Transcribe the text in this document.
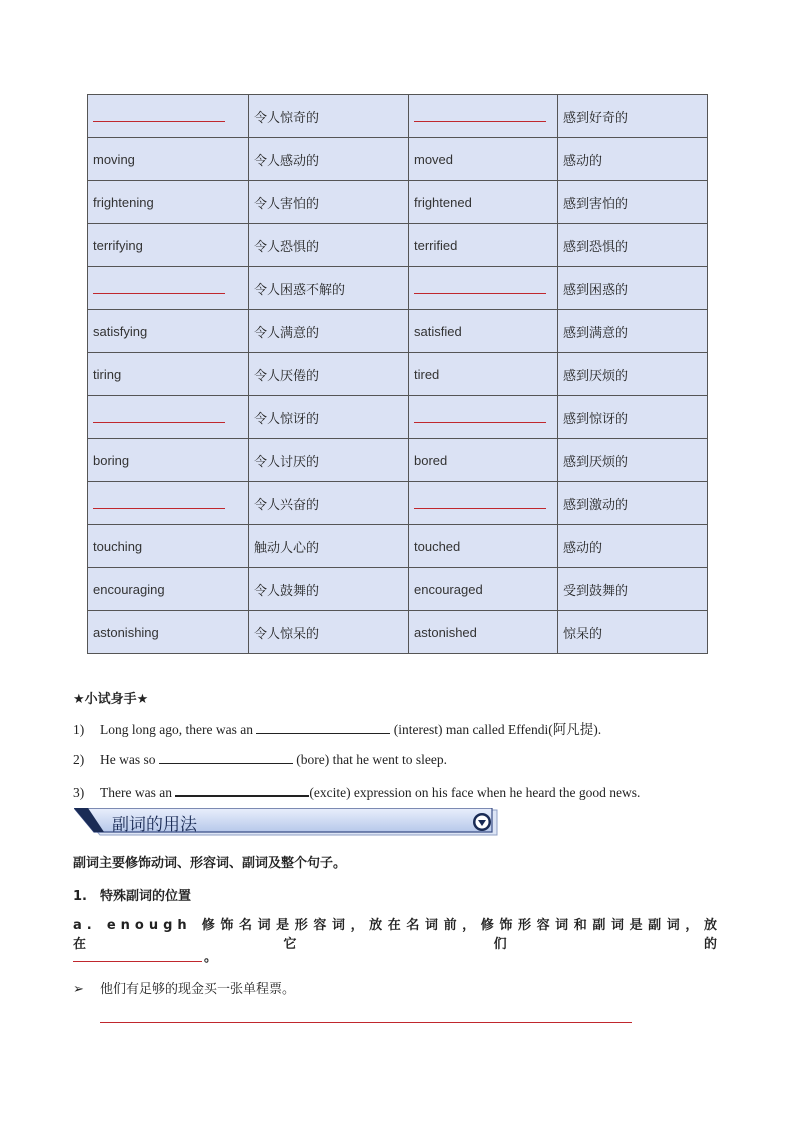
	令人惊奇的		感到好奇的
moving	令人感动的	moved	感动的
frightening	令人害怕的	frightened	感到害怕的
terrifying	令人恐惧的	terrified	感到恐惧的
	令人困惑不解的		感到困惑的
satisfying	令人满意的	satisfied	感到满意的
tiring	令人厌倦的	tired	感到厌烦的
	令人惊讶的		感到惊讶的
boring	令人讨厌的	bored	感到厌烦的
	令人兴奋的		感到激动的
touching	触动人心的	touched	感动的
encouraging	令人鼓舞的	encouraged	受到鼓舞的
astonishing	令人惊呆的	astonished	惊呆的
★小试身手★
1) Long long ago, there was an	(interest) man called Effendi(阿凡提).
2) He was so	(bore) that he went to sleep.
3) There was an	(excite) expression on his face when he heard the good news.
副词的用法
副词主要修饰动词、形容词、副词及整个句子。
1. 特殊副词的位置
a. enough 修饰名词是形容词，放在名词前，修饰形容词和副词是副词，放在它们的
。
➢ 他们有足够的现金买一张单程票。
